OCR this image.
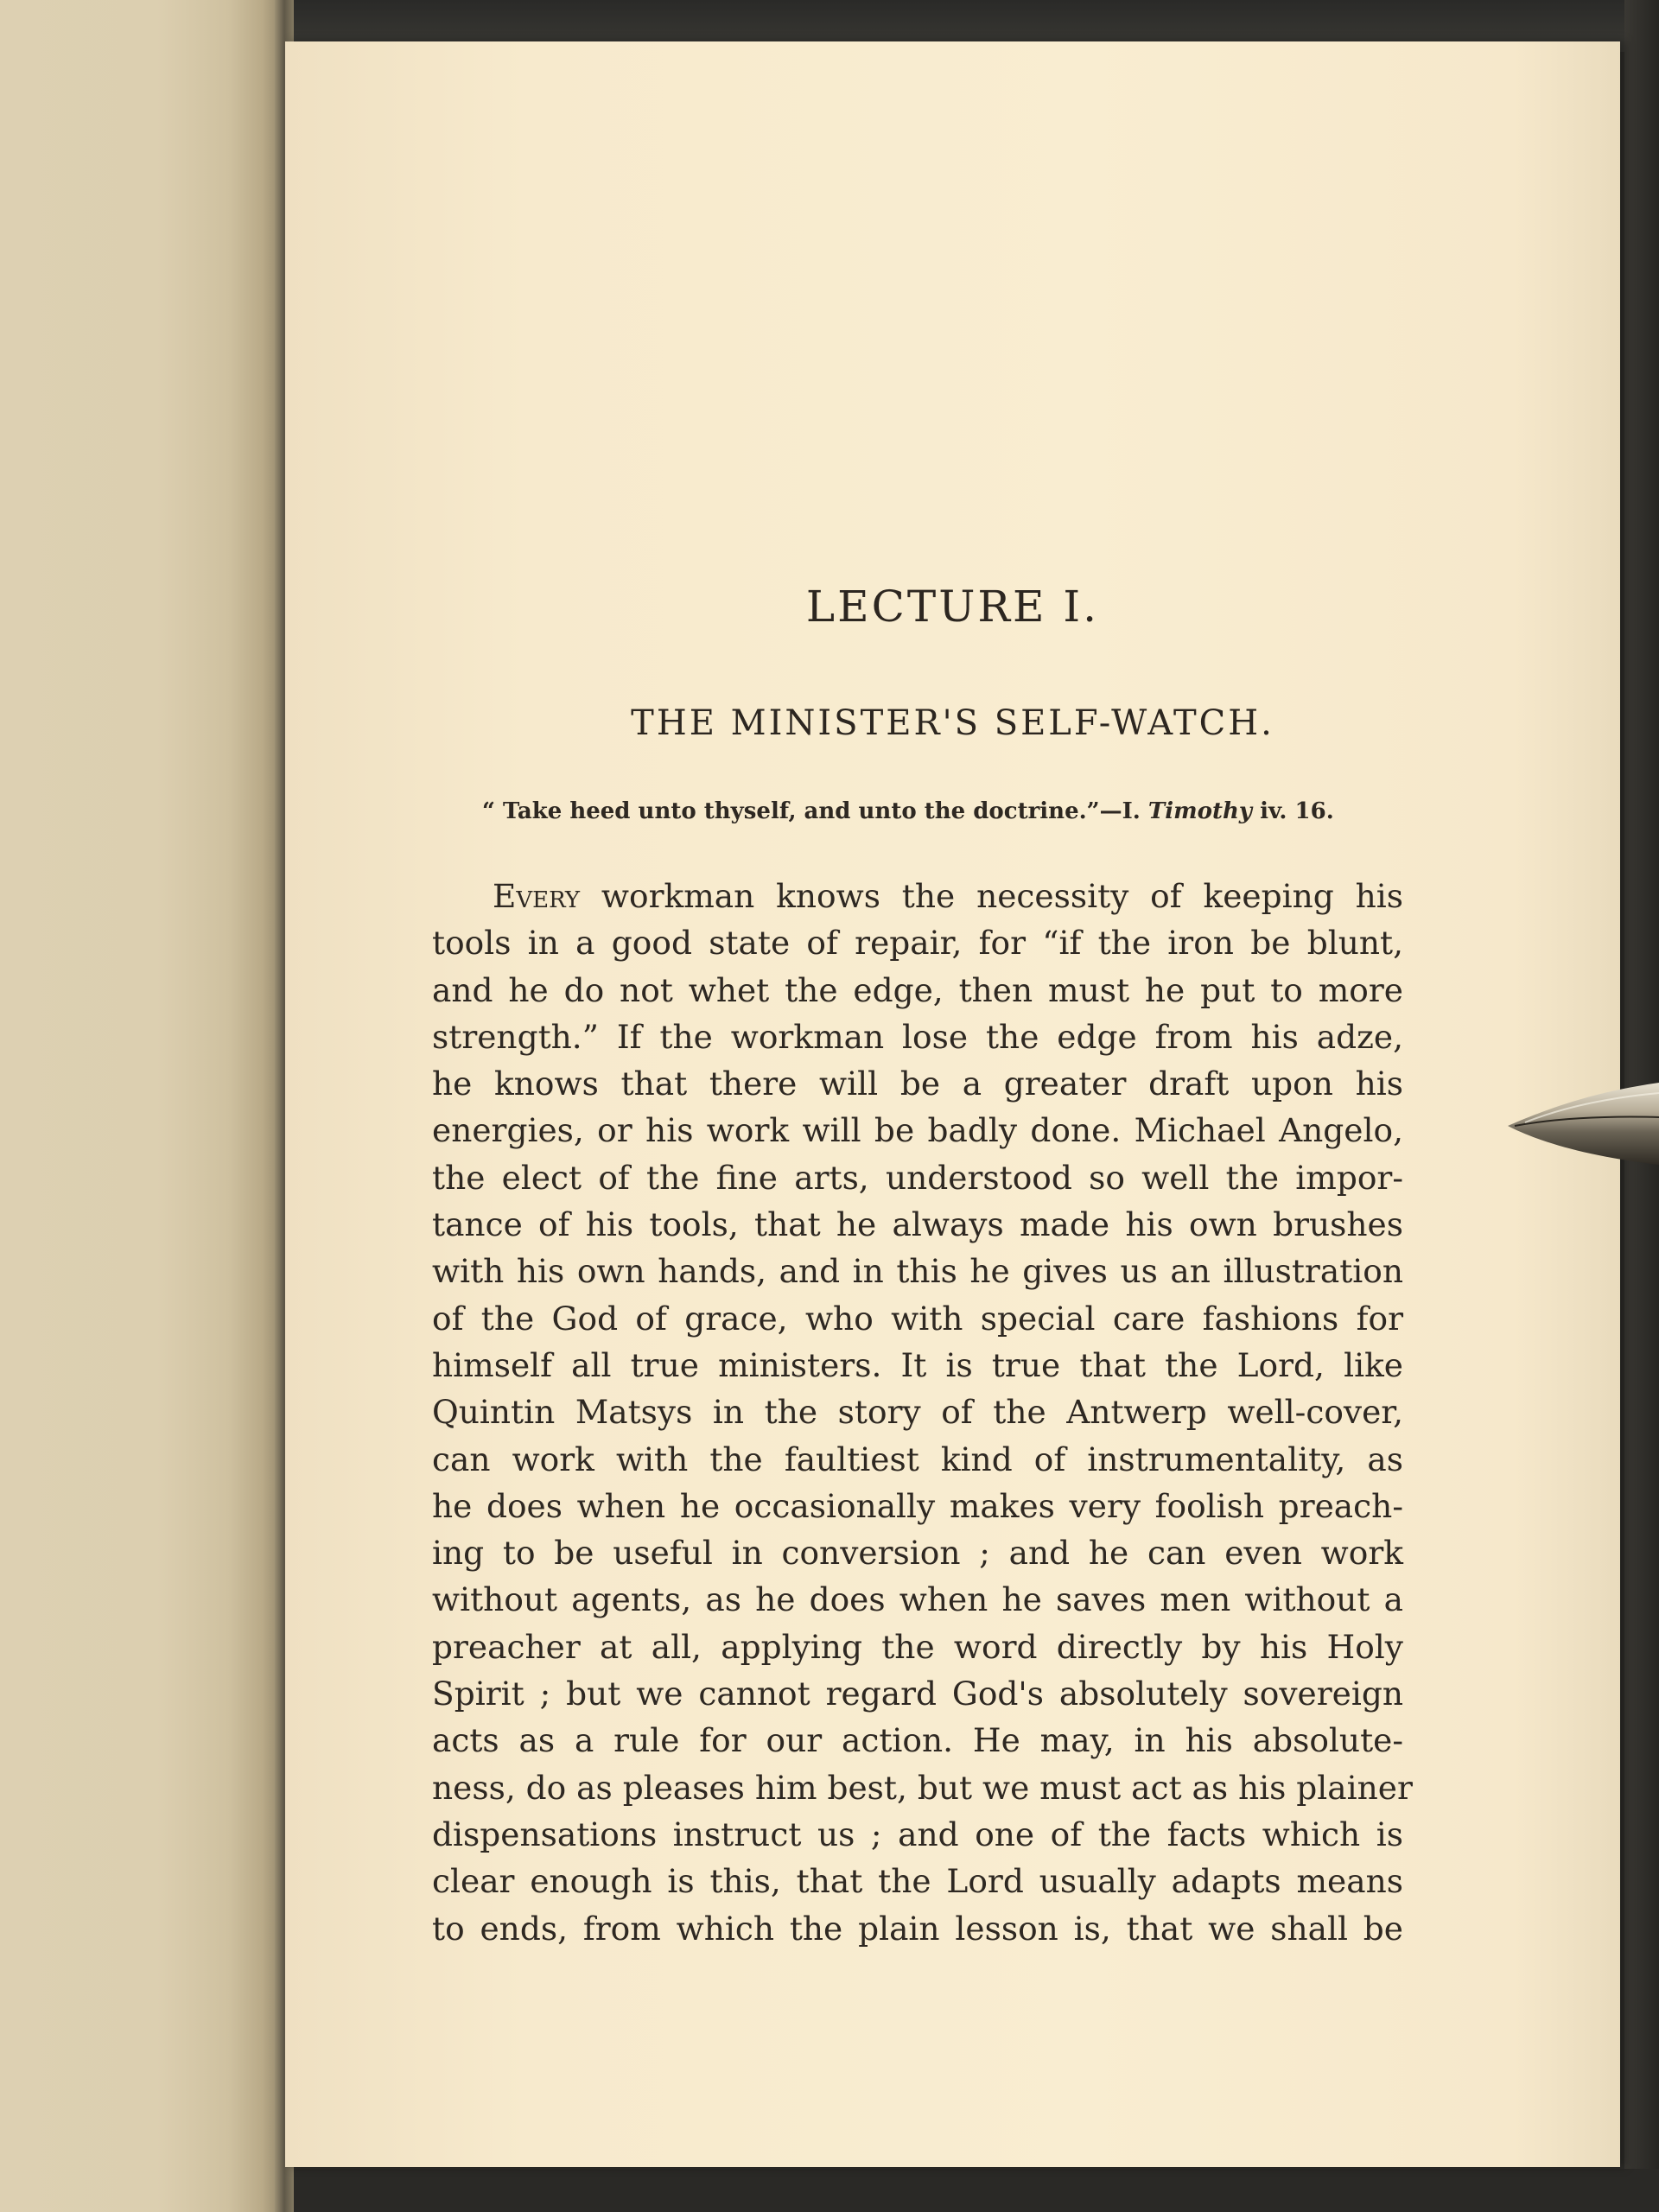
LECTURE I.
THE MINISTER'S SELF-WATCH.

“ Take heed unto thyself, and unto the doctrine.”—I. Timothy iv. 16.

Every workman knows the necessity of keeping his
tools in a good state of repair, for “if the iron be blunt,
and he do not whet the edge, then must he put to more
strength.” If the workman lose the edge from his adze,
he knows that there will be a greater draft upon his
energies, or his work will be badly done. Michael Angelo,
the elect of the fine arts, understood so well the impor-
tance of his tools, that he always made his own brushes
with his own hands, and in this he gives us an illustration
of the God of grace, who with special care fashions for
himself all true ministers. It is true that the Lord, like
Quintin Matsys in the story of the Antwerp well-cover,
can work with the faultiest kind of instrumentality, as
he does when he occasionally makes very foolish preach-
ing to be useful in conversion ; and he can even work
without agents, as he does when he saves men without a
preacher at all, applying the word directly by his Holy
Spirit ; but we cannot regard God's absolutely sovereign
acts as a rule for our action. He may, in his absolute-
ness, do as pleases him best, but we must act as his plainer
dispensations instruct us ; and one of the facts which is
clear enough is this, that the Lord usually adapts means
to ends, from which the plain lesson is, that we shall be
